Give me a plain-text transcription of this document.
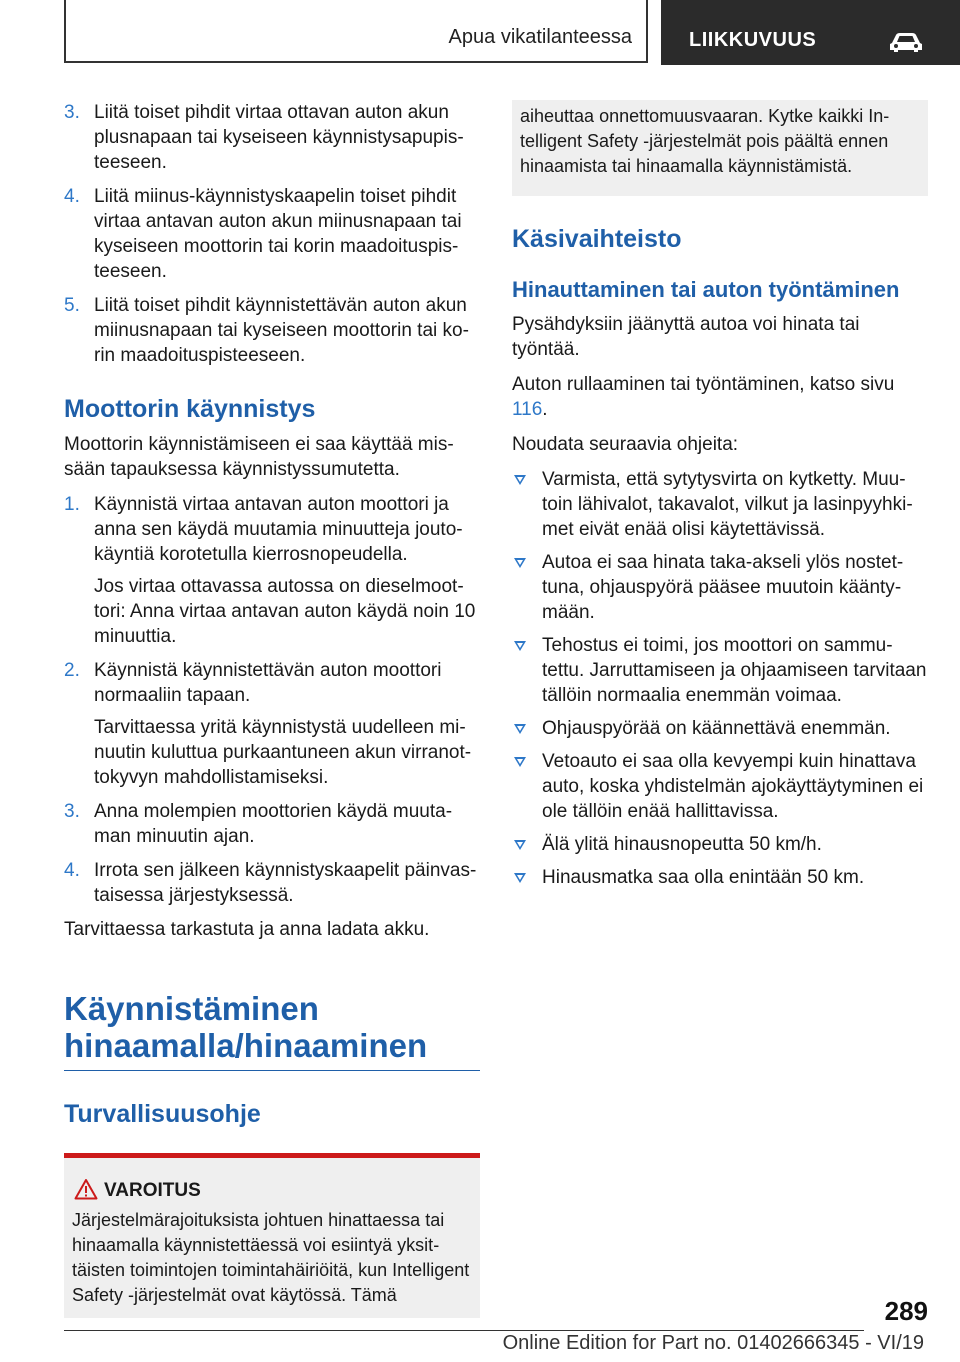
Apua vikatilanteessa	LIIKKUVUUS
3. Liitä toiset pihdit virtaa ottavan auton akun plusnapaan tai kyseiseen käynnistysapupisteeseen.
4. Liitä miinus-käynnistyskaapelin toiset pihdit virtaa antavan auton akun miinusnapaan tai kyseiseen moottorin tai korin maadoituspisteeseen.
5. Liitä toiset pihdit käynnistettävän auton akun miinusnapaan tai kyseiseen moottorin tai korin maadoituspisteeseen.
Moottorin käynnistys

Moottorin käynnistämiseen ei saa käyttää missään tapauksessa käynnistyssumutetta.

1. Käynnistä virtaa antavan auton moottori ja anna sen käydä muutamia minuutteja joutokäyntiä korotetulla kierrosnopeudella.

Jos virtaa ottavassa autossa on dieselmoottori: Anna virtaa antavan auton käydä noin 10 minuuttia.

2. Käynnistä käynnistettävän auton moottori normaaliin tapaan.

Tarvittaessa yritä käynnistystä uudelleen minuutin kuluttua purkaantuneen akun virranottokyvyn mahdollistamiseksi.

3. Anna molempien moottorien käydä muutaman minuutin ajan.
4. Irrota sen jälkeen käynnistyskaapelit päinvastaisessa järjestyksessä.

Tarvittaessa tarkastuta ja anna ladata akku.

Käynnistäminen hinaamalla/hinaaminen
Turvallisuusohje
VAROITUS

Järjestelmärajoituksista johtuen hinattaessa tai hinaamalla käynnistettäessä voi esiintyä yksittäisten toimintojen toimintahäiriöitä, kun Intelligent Safety -järjestelmät ovat käytössä. Tämä

aiheuttaa onnettomuusvaaran. Kytke kaikki Intelligent Safety -järjestelmät pois päältä ennen hinaamista tai hinaamalla käynnistämistä.

Käsivaihteisto
Hinauttaminen tai auton työntäminen

Pysähdyksiin jäänyttä autoa voi hinata tai työntää.

Auton rullaaminen tai työntäminen, katso sivu 116.

Noudata seuraavia ohjeita:

Varmista, että sytytysvirta on kytketty. Muutoin lähivalot, takavalot, vilkut ja lasinpyyhkimet eivät enää olisi käytettävissä.
Autoa ei saa hinata taka-akseli ylös nostettuna, ohjauspyörä pääsee muutoin kääntymään.
Tehostus ei toimi, jos moottori on sammutettu. Jarruttamiseen ja ohjaamiseen tarvitaan tällöin normaalia enemmän voimaa.
Ohjauspyörää on käännettävä enemmän.
Vetoauto ei saa olla kevyempi kuin hinattava auto, koska yhdistelmän ajokäyttäytyminen ei ole tällöin enää hallittavissa.
Älä ylitä hinausnopeutta 50 km/h.
Hinausmatka saa olla enintään 50 km.
289
Online Edition for Part no. 01402666345 - VI/19
